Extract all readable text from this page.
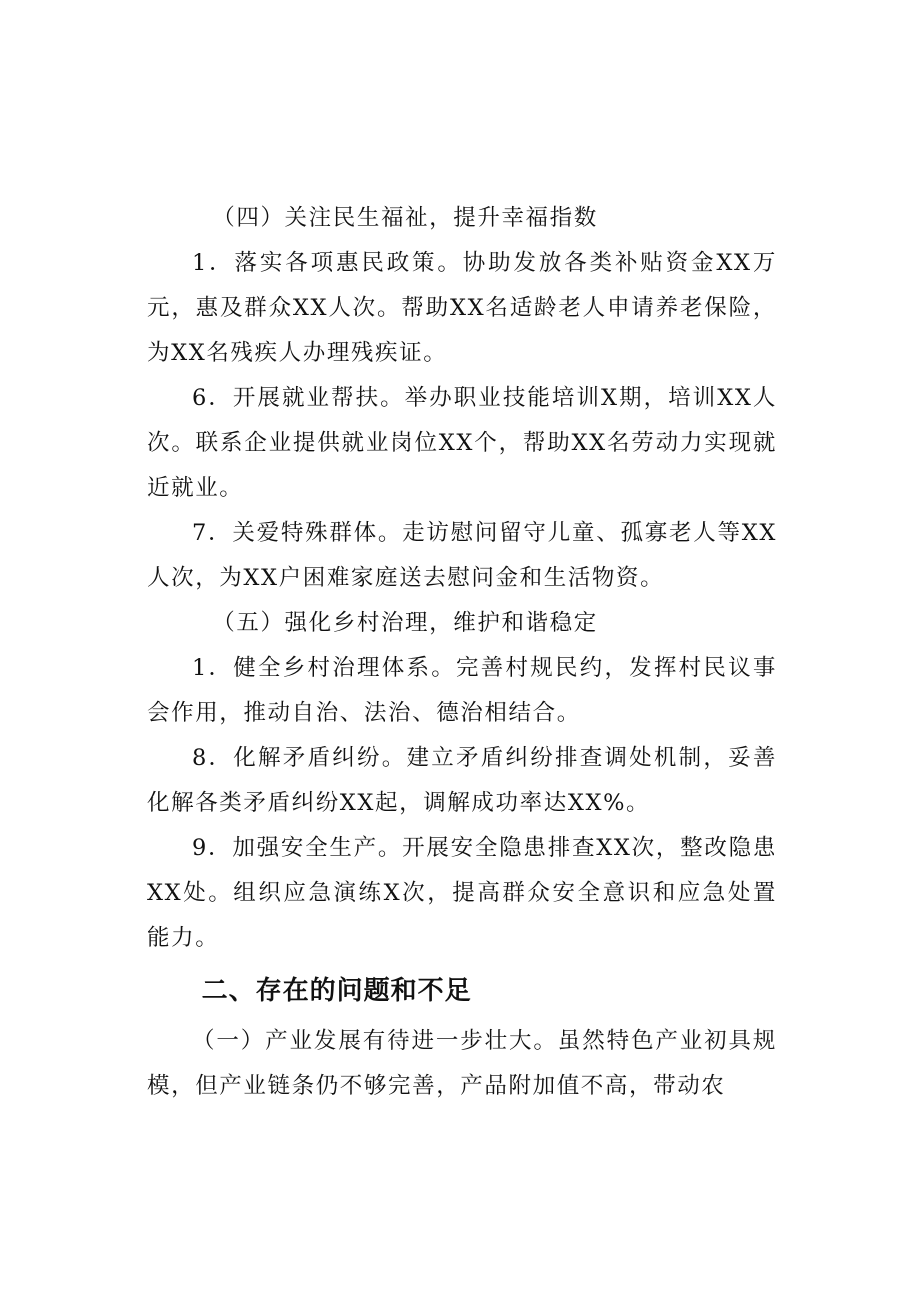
（四）关注民生福祉，提升幸福指数

1．落实各项惠民政策。协助发放各类补贴资金XX万元，惠及群众XX人次。帮助XX名适龄老人申请养老保险，为XX名残疾人办理残疾证。

6．开展就业帮扶。举办职业技能培训X期，培训XX人次。联系企业提供就业岗位XX个，帮助XX名劳动力实现就近就业。

7．关爱特殊群体。走访慰问留守儿童、孤寡老人等XX人次，为XX户困难家庭送去慰问金和生活物资。

（五）强化乡村治理，维护和谐稳定

1．健全乡村治理体系。完善村规民约，发挥村民议事会作用，推动自治、法治、德治相结合。

8．化解矛盾纠纷。建立矛盾纠纷排查调处机制，妥善化解各类矛盾纠纷XX起，调解成功率达XX%。

9．加强安全生产。开展安全隐患排查XX次，整改隐患XX处。组织应急演练X次，提高群众安全意识和应急处置能力。

二、存在的问题和不足

（一）产业发展有待进一步壮大。虽然特色产业初具规模，但产业链条仍不够完善，产品附加值不高，带动农
